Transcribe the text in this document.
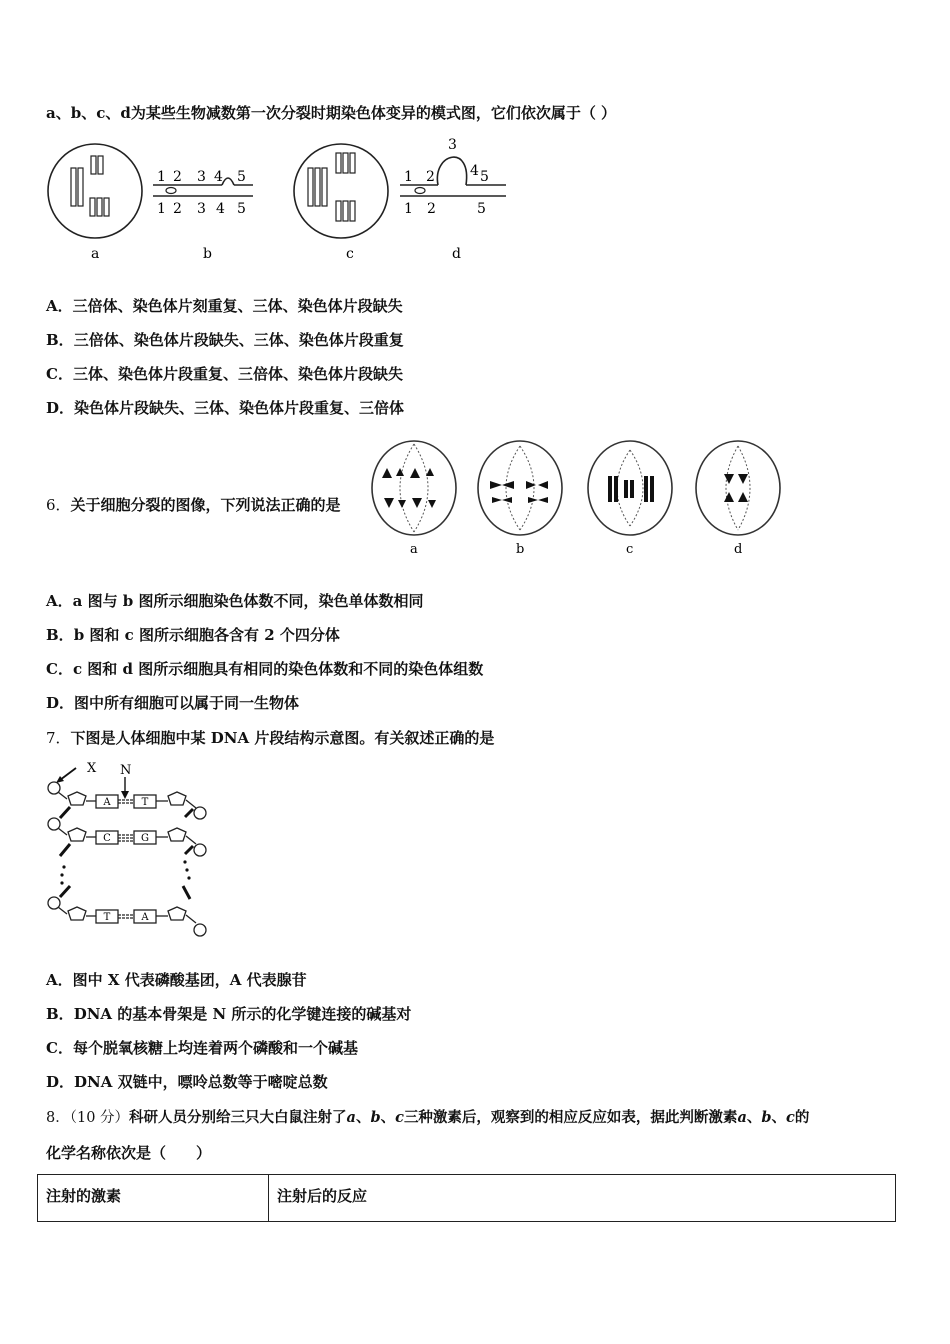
a、b、c、d为某些生物减数第一次分裂时期染色体变异的模式图，它们依次属于（ ）
1 2 3 4 5
1 2 3 4 5
3
1 2	4 5
1 2	5
a	b	c	d
A．三倍体、染色体片刻重复、三体、染色体片段缺失
B．三倍体、染色体片段缺失、三体、染色体片段重复
C．三体、染色体片段重复、三倍体、染色体片段缺失
D．染色体片段缺失、三体、染色体片段重复、三倍体
6．关于细胞分裂的图像，下列说法正确的是
a	b	c	d
A．a 图与 b 图所示细胞染色体数不同，染色单体数相同
B．b 图和 c 图所示细胞各含有 2 个四分体
C．c 图和 d 图所示细胞具有相同的染色体数和不同的染色体组数
D．图中所有细胞可以属于同一生物体
7．下图是人体细胞中某 DNA 片段结构示意图。有关叙述正确的是
X N
A	T
C	G
T	A
A．图中 X 代表磷酸基团，A 代表腺苷
B．DNA 的基本骨架是 N 所示的化学键连接的碱基对
C．每个脱氧核糖上均连着两个磷酸和一个碱基
D．DNA 双链中，嘌呤总数等于嘧啶总数
8．（10 分）科研人员分别给三只大白鼠注射了a、b、c三种激素后，观察到的相应反应如表，据此判断激素a、b、c的
化学名称依次是（　　）
注射的激素	注射后的反应
